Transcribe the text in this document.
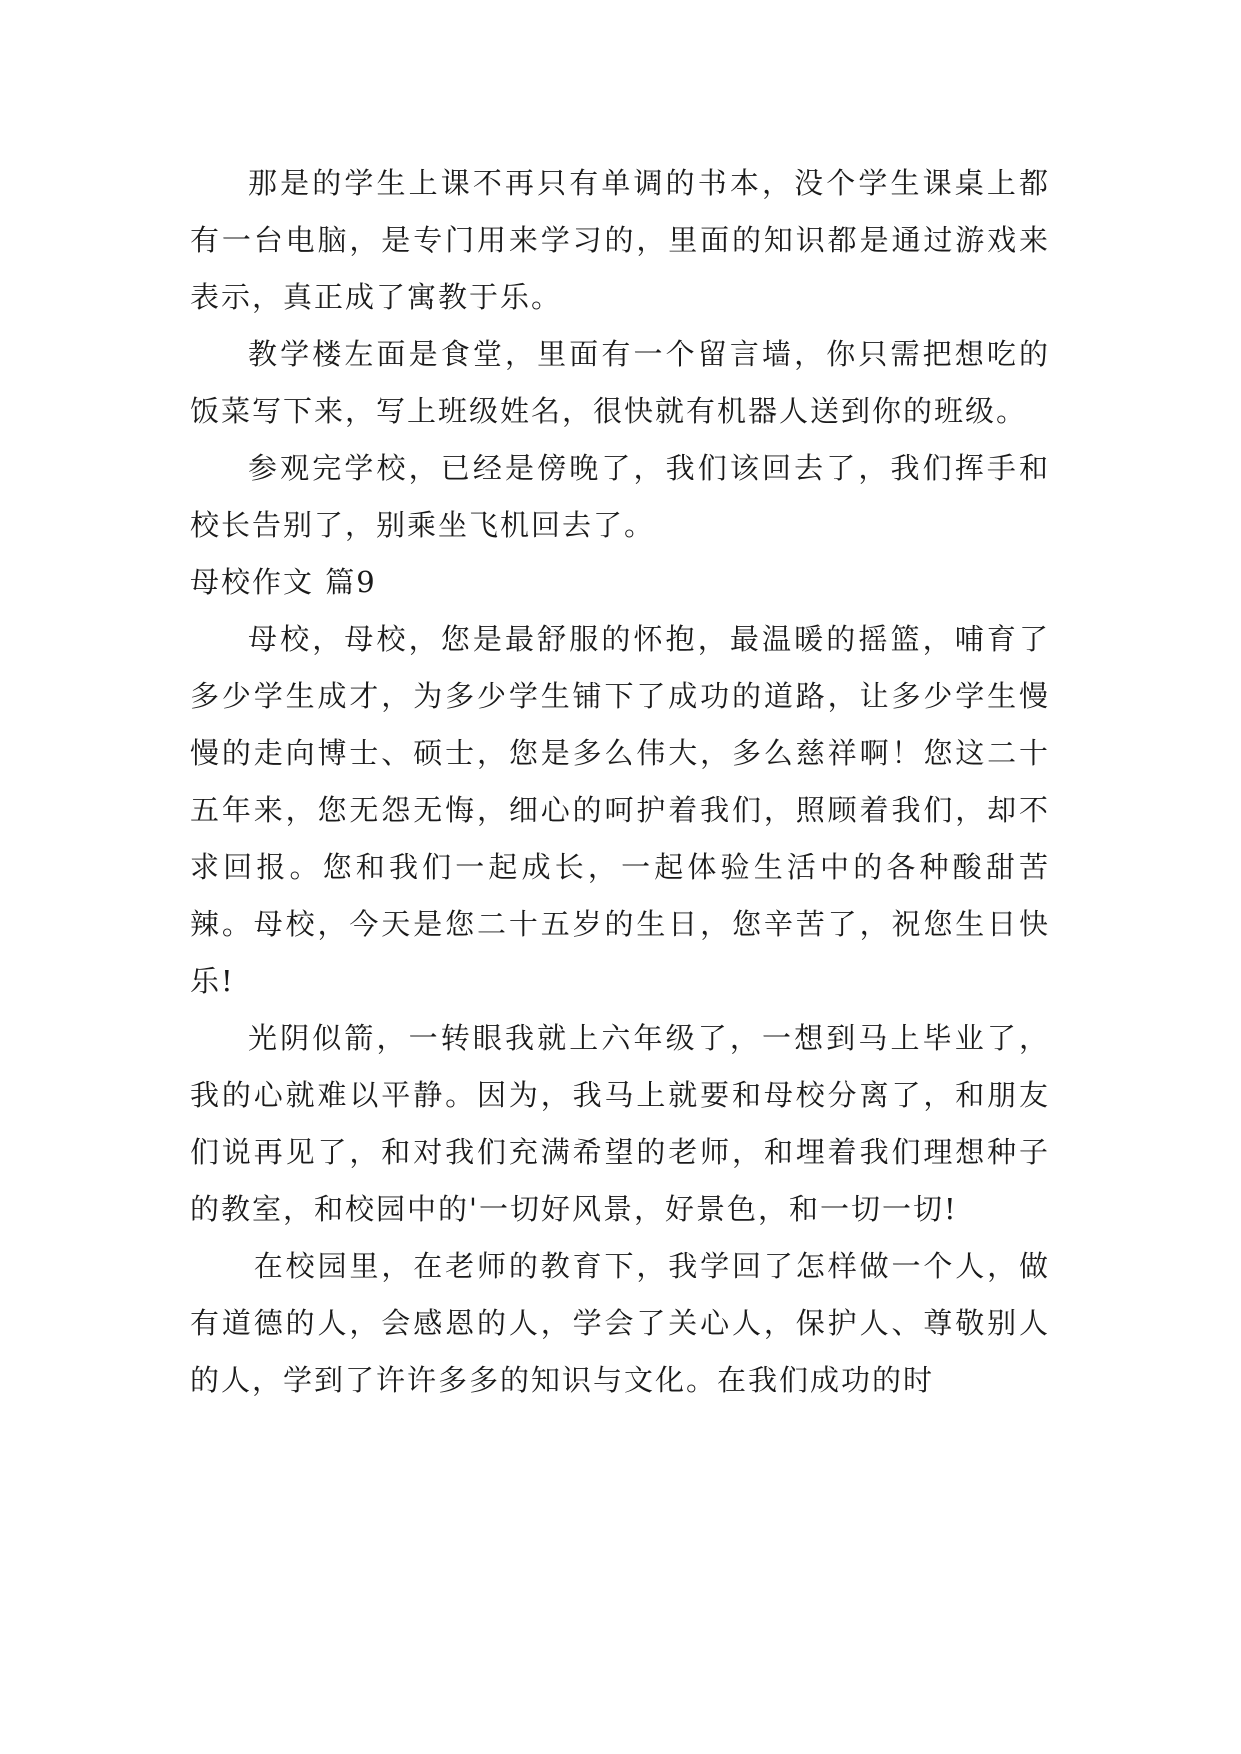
那是的学生上课不再只有单调的书本，没个学生课桌上都有一台电脑，是专门用来学习的，里面的知识都是通过游戏来表示，真正成了寓教于乐。

教学楼左面是食堂，里面有一个留言墙，你只需把想吃的饭菜写下来，写上班级姓名，很快就有机器人送到你的班级。

参观完学校，已经是傍晚了，我们该回去了，我们挥手和校长告别了，别乘坐飞机回去了。

母校作文 篇9

母校，母校，您是最舒服的怀抱，最温暖的摇篮，哺育了多少学生成才，为多少学生铺下了成功的道路，让多少学生慢慢的走向博士、硕士，您是多么伟大，多么慈祥啊！您这二十五年来，您无怨无悔，细心的呵护着我们，照顾着我们，却不求回报。您和我们一起成长，一起体验生活中的各种酸甜苦辣。母校，今天是您二十五岁的生日，您辛苦了，祝您生日快乐!

光阴似箭，一转眼我就上六年级了，一想到马上毕业了，我的心就难以平静。因为，我马上就要和母校分离了，和朋友们说再见了，和对我们充满希望的老师，和埋着我们理想种子的教室，和校园中的'一切好风景，好景色，和一切一切!

在校园里，在老师的教育下，我学回了怎样做一个人，做有道德的人，会感恩的人，学会了关心人，保护人、尊敬别人的人，学到了许许多多的知识与文化。在我们成功的时
